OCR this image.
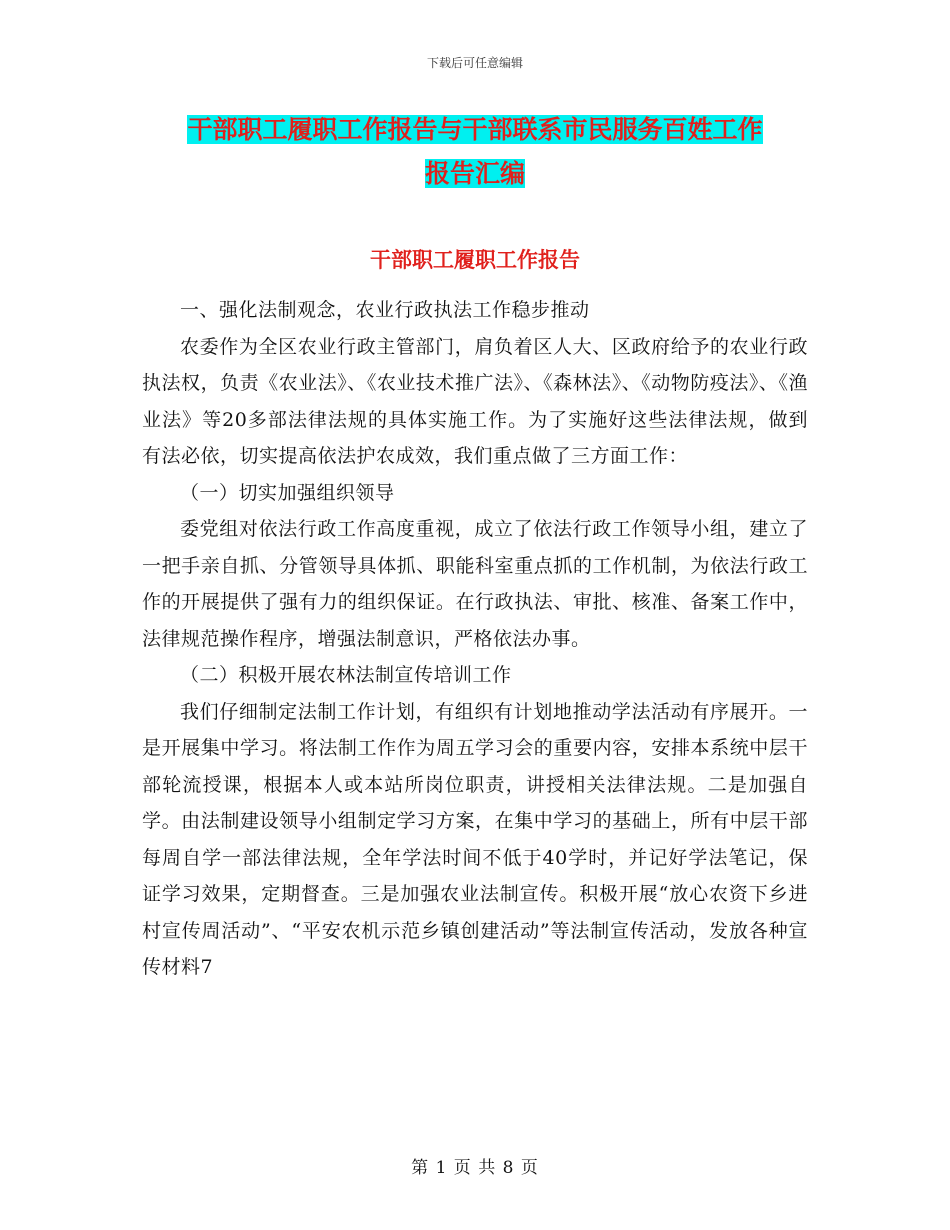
下载后可任意编辑
干部职工履职工作报告与干部联系市民服务百姓工作
报告汇编
干部职工履职工作报告

一、强化法制观念，农业行政执法工作稳步推动

农委作为全区农业行政主管部门，肩负着区人大、区政府给予的农业行政执法权，负责《农业法》、《农业技术推广法》、《森林法》、《动物防疫法》、《渔业法》等20多部法律法规的具体实施工作。为了实施好这些法律法规，做到有法必依，切实提高依法护农成效，我们重点做了三方面工作：

（一）切实加强组织领导

委党组对依法行政工作高度重视，成立了依法行政工作领导小组，建立了一把手亲自抓、分管领导具体抓、职能科室重点抓的工作机制，为依法行政工作的开展提供了强有力的组织保证。在行政执法、审批、核准、备案工作中，法律规范操作程序，增强法制意识，严格依法办事。

（二）积极开展农林法制宣传培训工作

我们仔细制定法制工作计划，有组织有计划地推动学法活动有序展开。一是开展集中学习。将法制工作作为周五学习会的重要内容，安排本系统中层干部轮流授课，根据本人或本站所岗位职责，讲授相关法律法规。二是加强自学。由法制建设领导小组制定学习方案，在集中学习的基础上，所有中层干部每周自学一部法律法规，全年学法时间不低于40学时，并记好学法笔记，保证学习效果，定期督查。三是加强农业法制宣传。积极开展“放心农资下乡进村宣传周活动”、“平安农机示范乡镇创建活动”等法制宣传活动，发放各种宣传材料7

第 1 页 共 8 页
